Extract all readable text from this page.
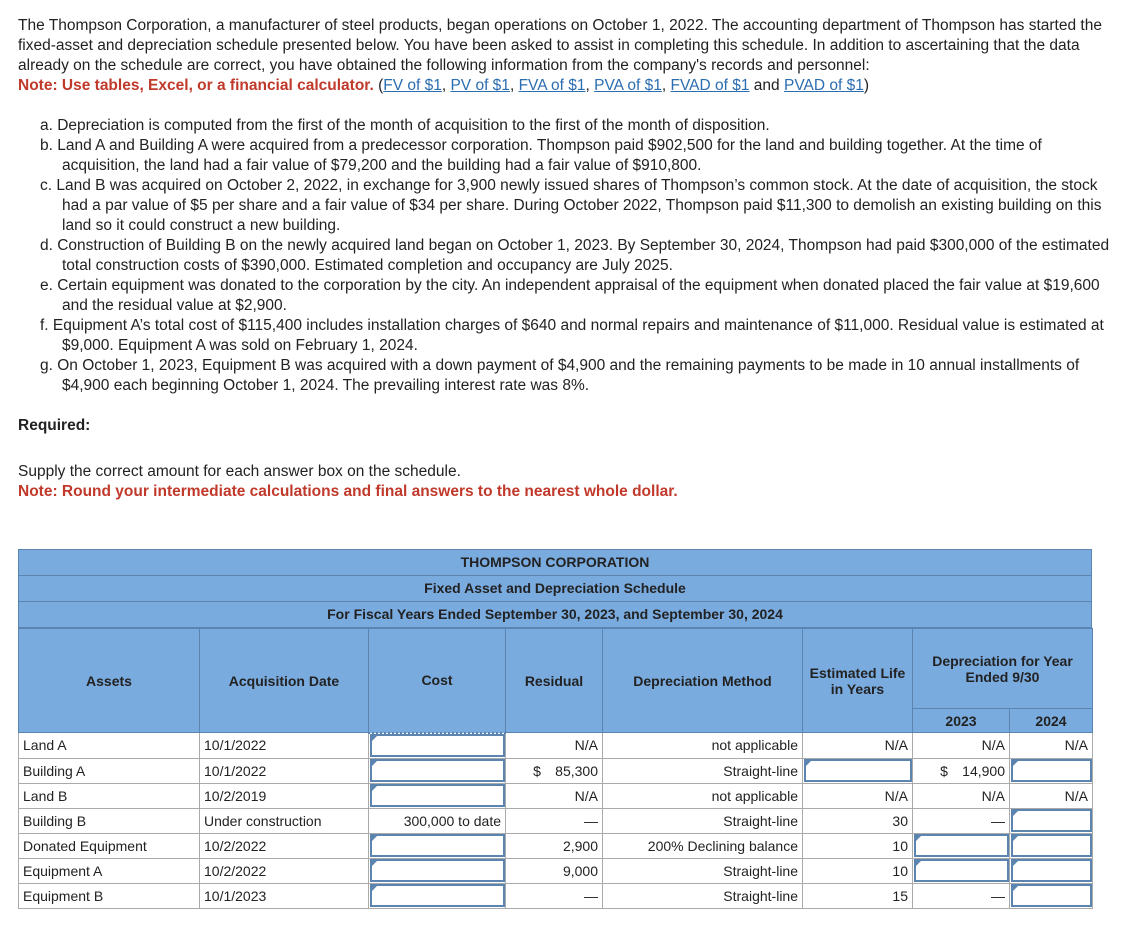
The Thompson Corporation, a manufacturer of steel products, began operations on October 1, 2022. The accounting department of Thompson has started the fixed-asset and depreciation schedule presented below. You have been asked to assist in completing this schedule. In addition to ascertaining that the data already on the schedule are correct, you have obtained the following information from the company's records and personnel:

Note: Use tables, Excel, or a financial calculator. (FV of $1, PV of $1, FVA of $1, PVA of $1, FVAD of $1 and PVAD of $1)
a. Depreciation is computed from the first of the month of acquisition to the first of the month of disposition.
b. Land A and Building A were acquired from a predecessor corporation. Thompson paid $902,500 for the land and building together. At the time of acquisition, the land had a fair value of $79,200 and the building had a fair value of $910,800.
c. Land B was acquired on October 2, 2022, in exchange for 3,900 newly issued shares of Thompson’s common stock. At the date of acquisition, the stock had a par value of $5 per share and a fair value of $34 per share. During October 2022, Thompson paid $11,300 to demolish an existing building on this land so it could construct a new building.
d. Construction of Building B on the newly acquired land began on October 1, 2023. By September 30, 2024, Thompson had paid $300,000 of the estimated total construction costs of $390,000. Estimated completion and occupancy are July 2025.
e. Certain equipment was donated to the corporation by the city. An independent appraisal of the equipment when donated placed the fair value at $19,600 and the residual value at $2,900.
f. Equipment A’s total cost of $115,400 includes installation charges of $640 and normal repairs and maintenance of $11,000. Residual value is estimated at $9,000. Equipment A was sold on February 1, 2024.
g. On October 1, 2023, Equipment B was acquired with a down payment of $4,900 and the remaining payments to be made in 10 annual installments of $4,900 each beginning October 1, 2024. The prevailing interest rate was 8%.
Required:
Supply the correct amount for each answer box on the schedule.
Note: Round your intermediate calculations and final answers to the nearest whole dollar.
THOMPSON CORPORATION
Fixed Asset and Depreciation Schedule
For Fiscal Years Ended September 30, 2023, and September 30, 2024
Assets	Acquisition Date	Cost	Residual	Depreciation Method	Estimated Life in Years	Depreciation for Year Ended 9/30	
						2023	2024
Land A	10/1/2022		N/A	not applicable	N/A	N/A	N/A
Building A	10/1/2022		$ 85,300	Straight-line		$ 14,900	
Land B	10/2/2019		N/A	not applicable	N/A	N/A	N/A
Building B	Under construction	300,000 to date	—	Straight-line	30	—	
Donated Equipment	10/2/2022		2,900	200% Declining balance	10		
Equipment A	10/2/2022		9,000	Straight-line	10		
Equipment B	10/1/2023		—	Straight-line	15	—	
